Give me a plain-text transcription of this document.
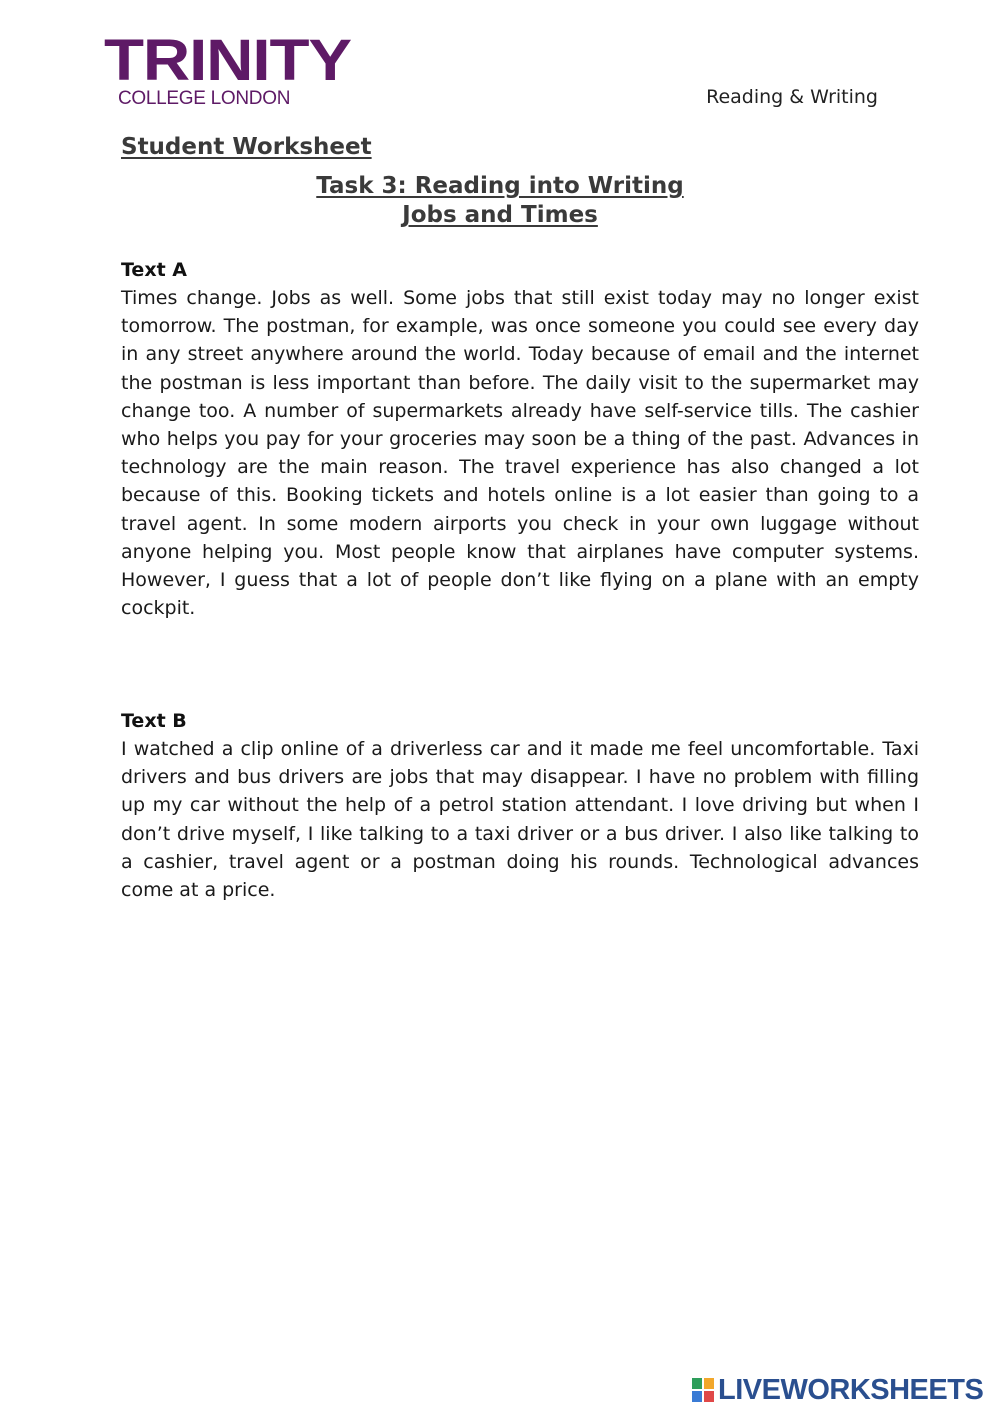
TRINITY
COLLEGE LONDON	Reading & Writing
Student Worksheet
Task 3: Reading into Writing
Jobs and Times
Text A

Times change. Jobs as well. Some jobs that still exist today may no longer exist tomorrow. The postman, for example, was once someone you could see every day in any street anywhere around the world. Today because of email and the internet the postman is less important than before. The daily visit to the supermarket may change too. A number of supermarkets already have self-service tills. The cashier who helps you pay for your groceries may soon be a thing of the past. Advances in technology are the main reason. The travel experience has also changed a lot because of this. Booking tickets and hotels online is a lot easier than going to a travel agent. In some modern airports you check in your own luggage without anyone helping you. Most people know that airplanes have computer systems. However, I guess that a lot of people don’t like flying on a plane with an empty cockpit.

Text B

I watched a clip online of a driverless car and it made me feel uncomfortable. Taxi drivers and bus drivers are jobs that may disappear. I have no problem with filling up my car without the help of a petrol station attendant. I love driving but when I don’t drive myself, I like talking to a taxi driver or a bus driver. I also like talking to a cashier, travel agent or a postman doing his rounds. Technological advances come at a price.

LIVEWORKSHEETS
